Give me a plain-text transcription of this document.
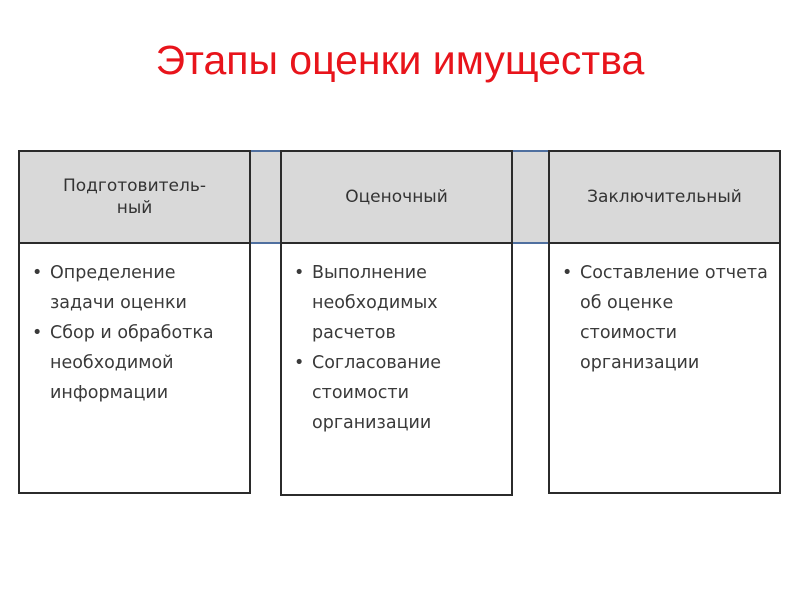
Этапы оценки имущества
Подготовитель-
ный
• Определение задачи оценки
• Сбор и обработка необходимой информации
Оценочный
• Выполнение необходимых расчетов
• Согласование стоимости организации
Заключительный
• Составление отчета об оценке стоимости организации
